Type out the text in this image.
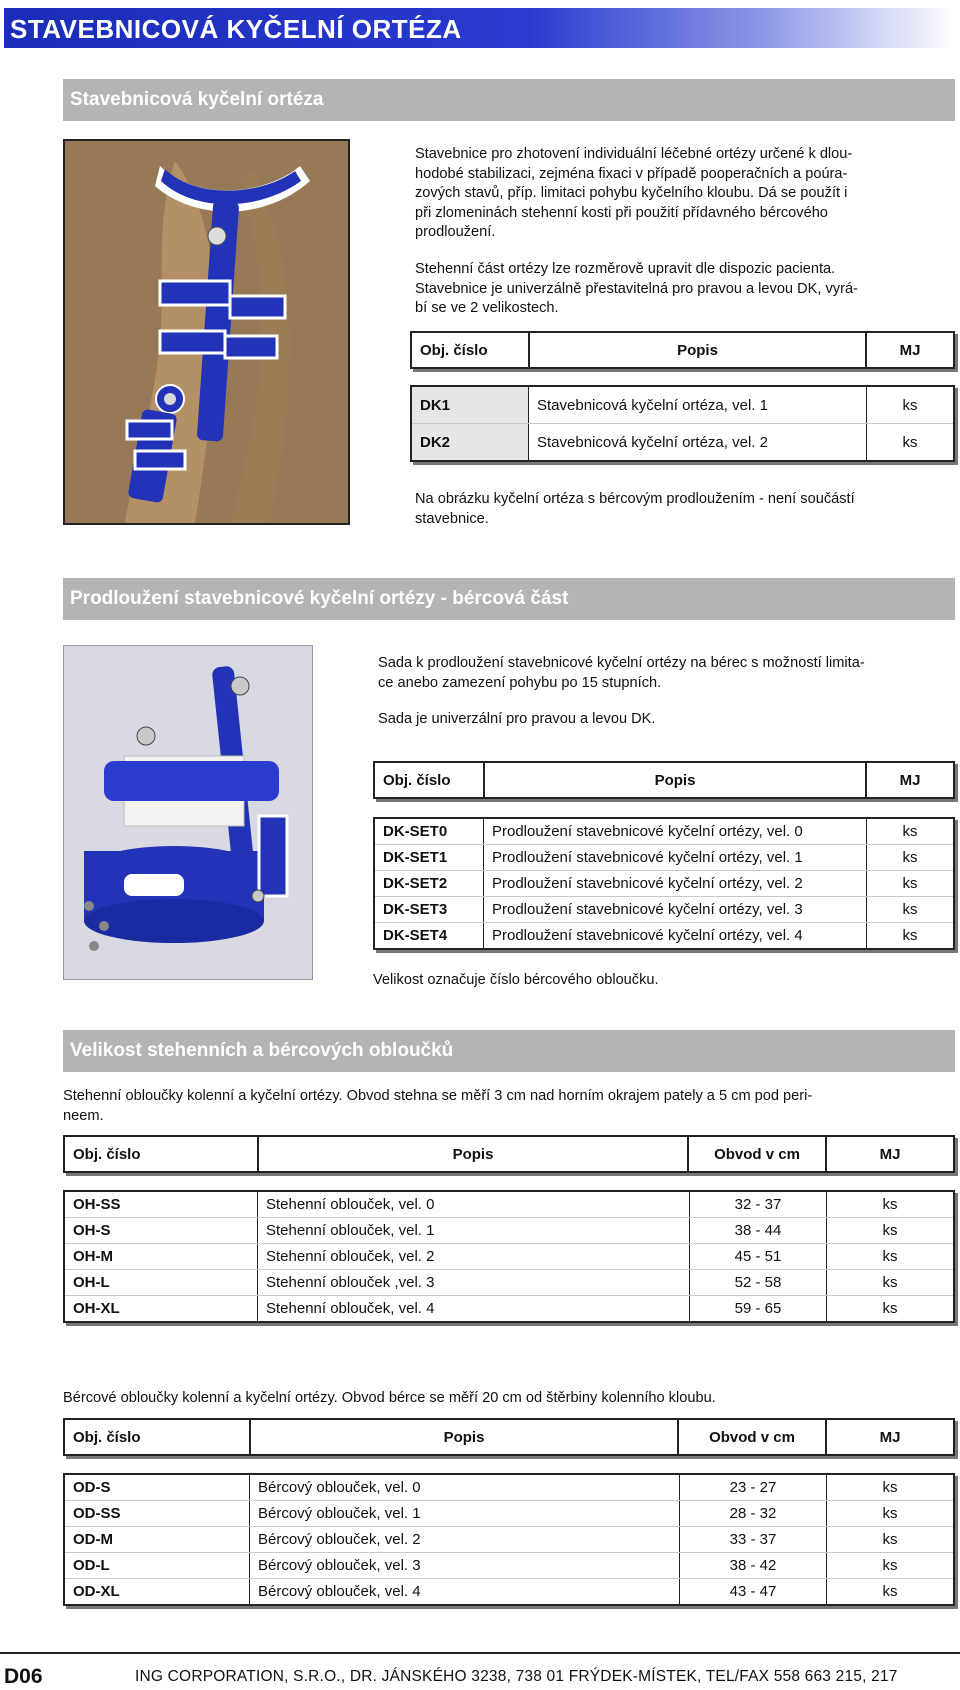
STAVEBNICOVÁ KYČELNÍ ORTÉZA
Stavebnicová kyčelní ortéza
Stavebnice pro zhotovení individuální léčebné ortézy určené k dlou-
hodobé stabilizaci, zejména fixaci v případě pooperačních a poúra-
zových stavů, příp. limitaci pohybu kyčelního kloubu. Dá se použít i
při zlomeninách stehenní kosti při použití přídavného bércového
prodloužení.
Stehenní část ortézy lze rozměrově upravit dle dispozic pacienta.
Stavebnice je univerzálně přestavitelná pro pravou a levou DK, vyrá-
bí se ve 2 velikostech.
Obj. číslo	Popis	MJ
DK1	Stavebnicová kyčelní ortéza, vel. 1	ks
DK2	Stavebnicová kyčelní ortéza, vel. 2	ks
Na obrázku kyčelní ortéza s bércovým prodloužením - není součástí
stavebnice.
Prodloužení stavebnicové kyčelní ortézy - bércová část
Sada k prodloužení stavebnicové kyčelní ortézy na bérec s možností limita-
ce anebo zamezení pohybu po 15 stupních.
Sada je univerzální pro pravou a levou DK.
Obj. číslo	Popis	MJ
DK-SET0	Prodloužení stavebnicové kyčelní ortézy, vel. 0	ks
DK-SET1	Prodloužení stavebnicové kyčelní ortézy, vel. 1	ks
DK-SET2	Prodloužení stavebnicové kyčelní ortézy, vel. 2	ks
DK-SET3	Prodloužení stavebnicové kyčelní ortézy, vel. 3	ks
DK-SET4	Prodloužení stavebnicové kyčelní ortézy, vel. 4	ks
Velikost označuje číslo bércového obloučku.
Velikost stehenních a bércových obloučků
Stehenní obloučky kolenní a kyčelní ortézy. Obvod stehna se měří 3 cm nad horním okrajem pately a 5 cm pod peri-
neem.
Obj. číslo	Popis	Obvod v cm	MJ
OH-SS	Stehenní oblouček, vel. 0	32 - 37	ks
OH-S	Stehenní oblouček, vel. 1	38 - 44	ks
OH-M	Stehenní oblouček, vel. 2	45 - 51	ks
OH-L	Stehenní oblouček ,vel. 3	52 - 58	ks
OH-XL	Stehenní oblouček, vel. 4	59 - 65	ks
Bércové obloučky kolenní a kyčelní ortézy. Obvod bérce se měří 20 cm od štěrbiny kolenního kloubu.
Obj. číslo	Popis	Obvod v cm	MJ
OD-S	Bércový oblouček, vel. 0	23 - 27	ks
OD-SS	Bércový oblouček, vel. 1	28 - 32	ks
OD-M	Bércový oblouček, vel. 2	33 - 37	ks
OD-L	Bércový oblouček, vel. 3	38 - 42	ks
OD-XL	Bércový oblouček, vel. 4	43 - 47	ks
D06	ING CORPORATION, S.R.O., DR. JÁNSKÉHO 3238, 738 01 FRÝDEK-MÍSTEK, TEL/FAX 558 663 215, 217
